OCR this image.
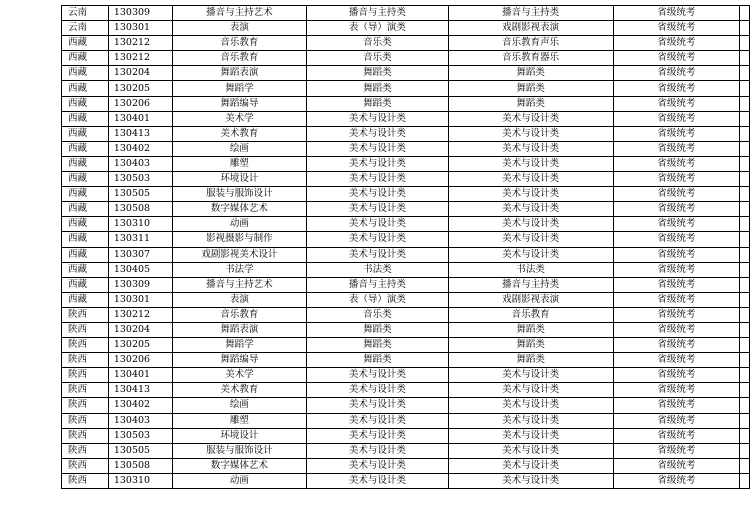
云南	130309	播音与主持艺术	播音与主持类	播音与主持类	省级统考	
云南	130301	表演	表（导）演类	戏剧影视表演	省级统考	
西藏	130212	音乐教育	音乐类	音乐教育声乐	省级统考	
西藏	130212	音乐教育	音乐类	音乐教育器乐	省级统考	
西藏	130204	舞蹈表演	舞蹈类	舞蹈类	省级统考	
西藏	130205	舞蹈学	舞蹈类	舞蹈类	省级统考	
西藏	130206	舞蹈编导	舞蹈类	舞蹈类	省级统考	
西藏	130401	美术学	美术与设计类	美术与设计类	省级统考	
西藏	130413	美术教育	美术与设计类	美术与设计类	省级统考	
西藏	130402	绘画	美术与设计类	美术与设计类	省级统考	
西藏	130403	雕塑	美术与设计类	美术与设计类	省级统考	
西藏	130503	环境设计	美术与设计类	美术与设计类	省级统考	
西藏	130505	服装与服饰设计	美术与设计类	美术与设计类	省级统考	
西藏	130508	数字媒体艺术	美术与设计类	美术与设计类	省级统考	
西藏	130310	动画	美术与设计类	美术与设计类	省级统考	
西藏	130311	影视摄影与制作	美术与设计类	美术与设计类	省级统考	
西藏	130307	戏剧影视美术设计	美术与设计类	美术与设计类	省级统考	
西藏	130405	书法学	书法类	书法类	省级统考	
西藏	130309	播音与主持艺术	播音与主持类	播音与主持类	省级统考	
西藏	130301	表演	表（导）演类	戏剧影视表演	省级统考	
陕西	130212	音乐教育	音乐类	音乐教育	省级统考	
陕西	130204	舞蹈表演	舞蹈类	舞蹈类	省级统考	
陕西	130205	舞蹈学	舞蹈类	舞蹈类	省级统考	
陕西	130206	舞蹈编导	舞蹈类	舞蹈类	省级统考	
陕西	130401	美术学	美术与设计类	美术与设计类	省级统考	
陕西	130413	美术教育	美术与设计类	美术与设计类	省级统考	
陕西	130402	绘画	美术与设计类	美术与设计类	省级统考	
陕西	130403	雕塑	美术与设计类	美术与设计类	省级统考	
陕西	130503	环境设计	美术与设计类	美术与设计类	省级统考	
陕西	130505	服装与服饰设计	美术与设计类	美术与设计类	省级统考	
陕西	130508	数字媒体艺术	美术与设计类	美术与设计类	省级统考	
陕西	130310	动画	美术与设计类	美术与设计类	省级统考	
